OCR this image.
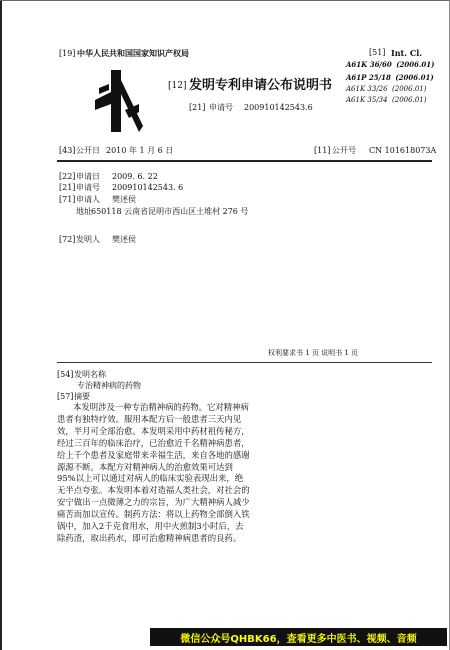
[19] 中华人民共和国国家知识产权局
[12] 发明专利申请公布说明书
[21] 申请号 200910142543.6
[51] Int. Cl.
A61K 36/60 (2006.01)
A61P 25/18 (2006.01)
A61K 33/26 (2006.01)
A61K 35/34 (2006.01)
[43] 公开日 2010 年 1 月 6 日	[11] 公开号 CN 101618073A
[22] 申请日 2009. 6. 22
[21] 申请号 200910142543. 6
[71] 申请人 樊述侯
地址 650118 云南省昆明市西山区土堆村 276 号
[72] 发明人 樊述侯
权利要求书 1 页 说明书 1 页
[54] 发明名称
专治精神病的药物
[57] 摘要

本发明涉及一种专治精神病的药物。它对精神病患者有独特疗效。服用本配方后一般患者三天内见效，半月可全部治愈。本发明采用中药材祖传秘方，经过三百年的临床治疗，已治愈近千名精神病患者，给上千个患者及家庭带来幸福生活，来自各地的感谢源源不断。本配方对精神病人的治愈效果可达到95%以上可以通过对病人的临床实验表现出来，绝无半点夸张。本发明本着对造福人类社会，对社会的安宁做出一点微薄之力的宗旨，为广大精神病人减少痛苦而加以宣传。制药方法：将以上药物全部倒入铁锅中，加入2千克食用水，用中火煎制3小时后，去除药渣，取出药水，即可治愈精神病患者的良药。

微信公众号QHBK66，查看更多中医书、视频、音频
